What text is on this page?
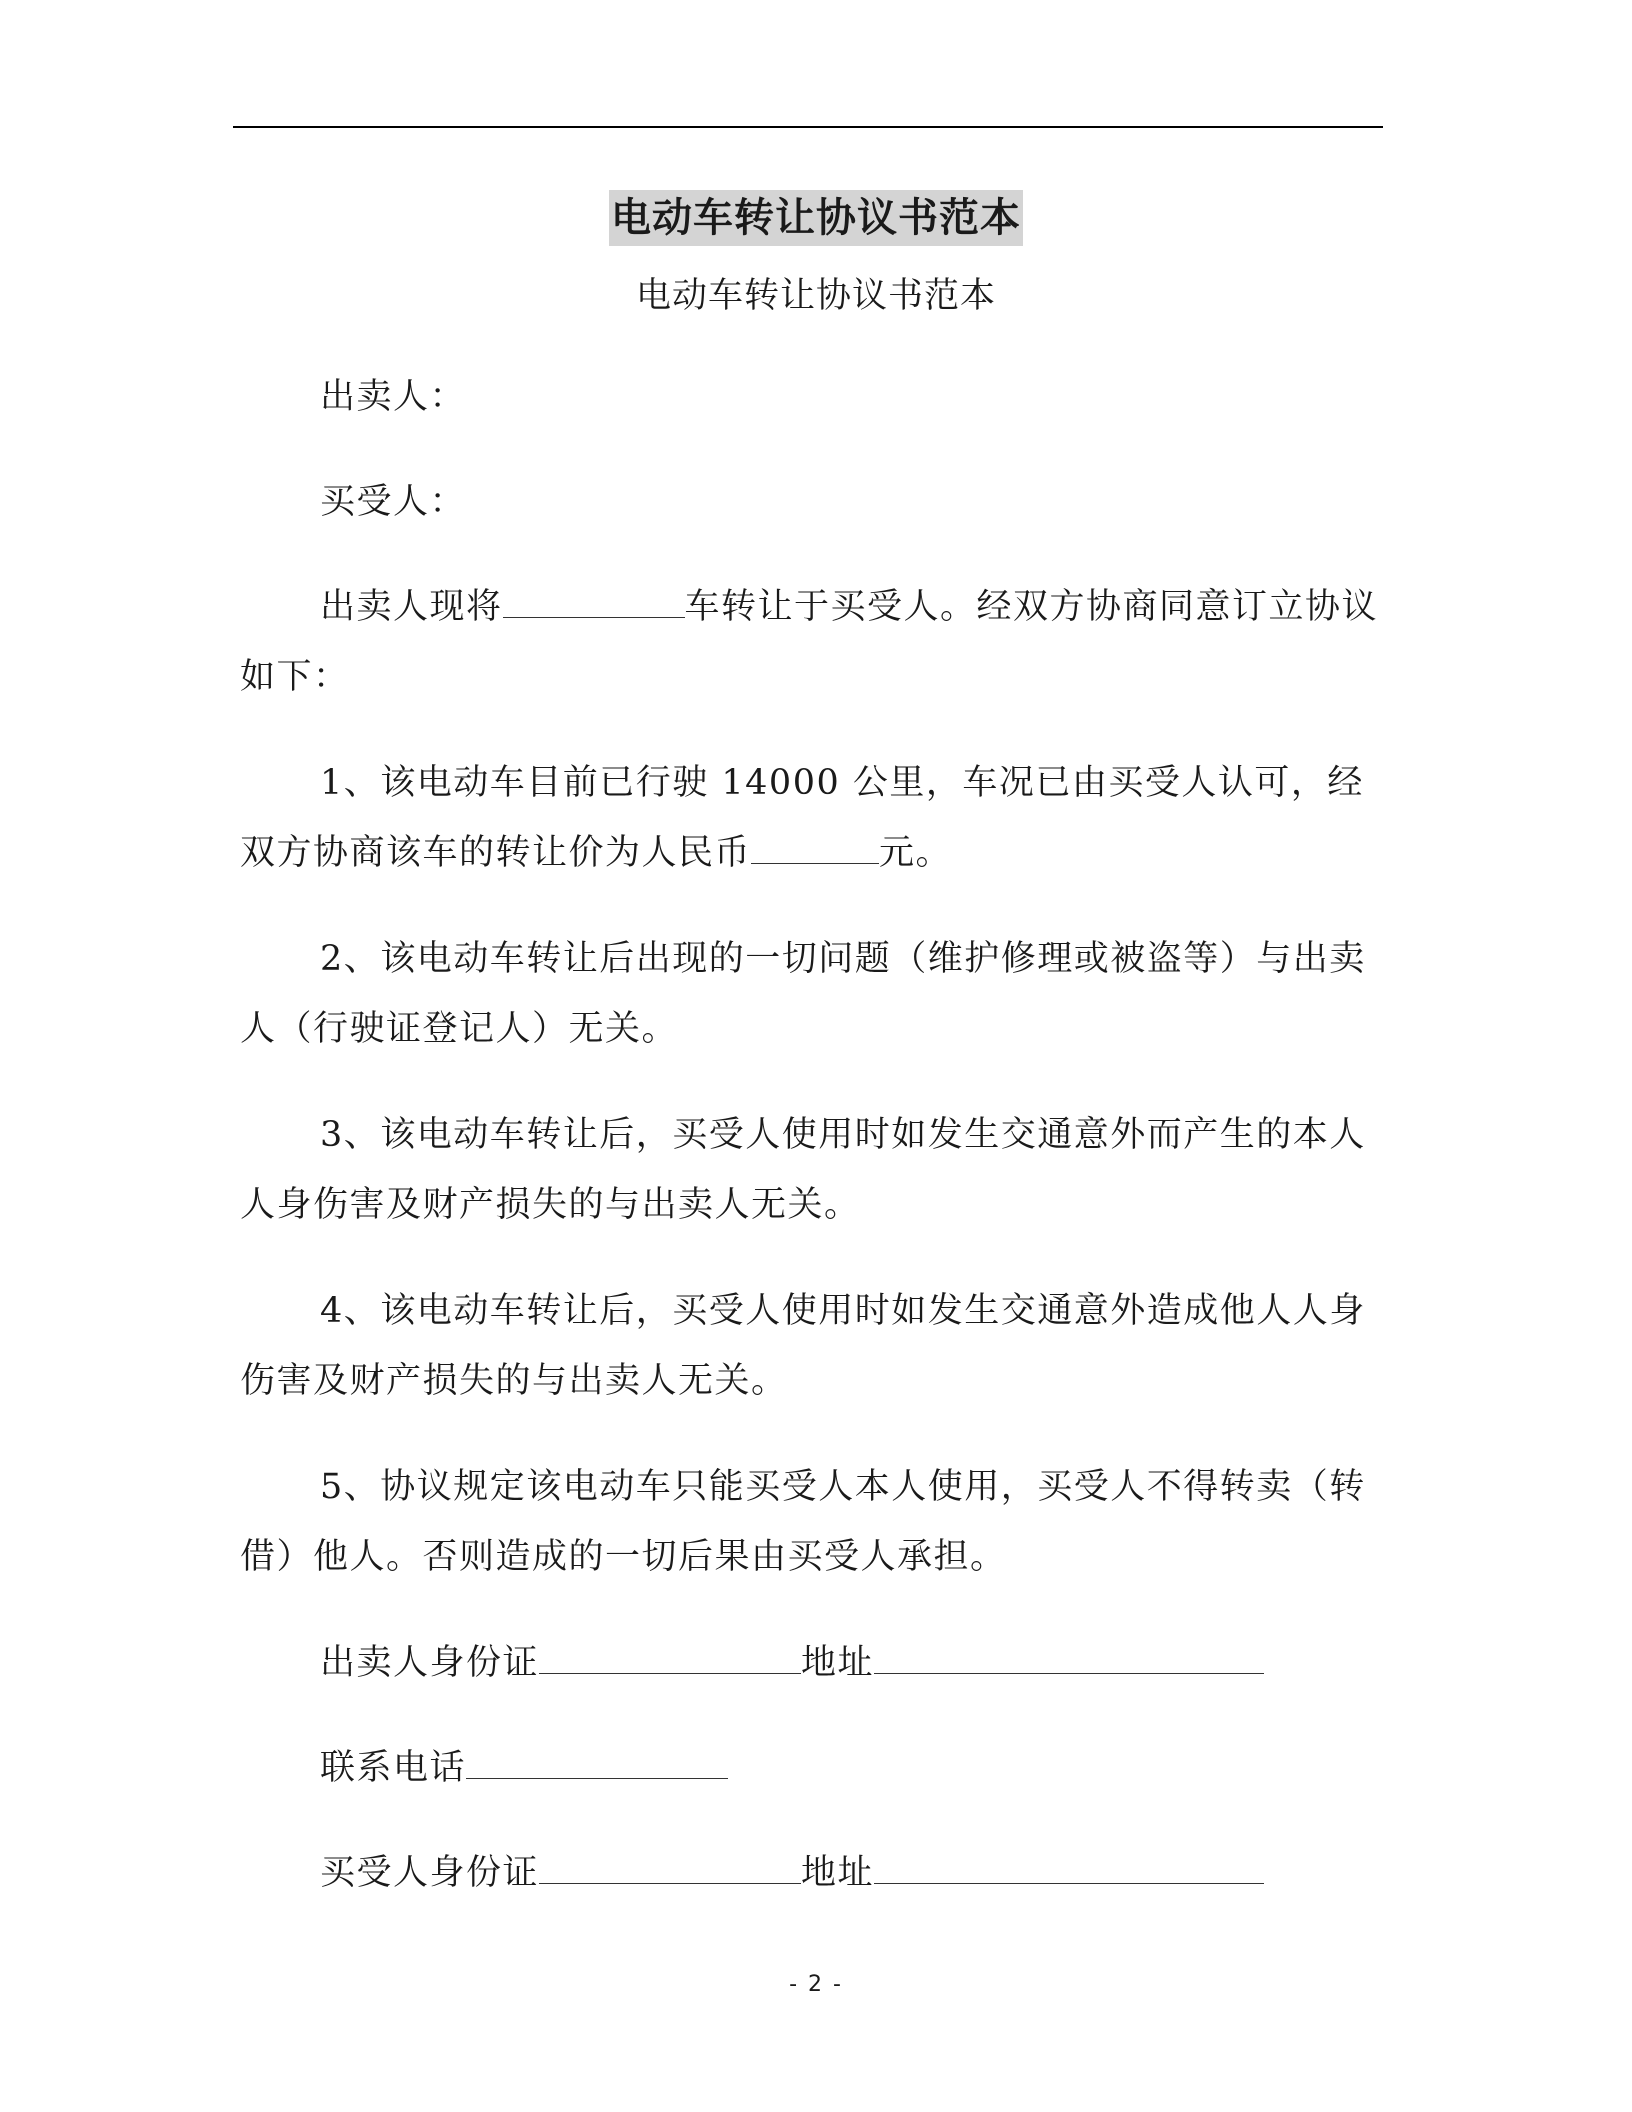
电动车转让协议书范本
电动车转让协议书范本

出卖人：

买受人：

出卖人现将	车转让于买受人。经双方协商同意订立协议如下：

1、该电动车目前已行驶 14000 公里，车况已由买受人认可，经双方协商该车的转让价为人民币	元。

2、该电动车转让后出现的一切问题（维护修理或被盗等）与出卖人（行驶证登记人）无关。

3、该电动车转让后，买受人使用时如发生交通意外而产生的本人人身伤害及财产损失的与出卖人无关。

4、该电动车转让后，买受人使用时如发生交通意外造成他人人身伤害及财产损失的与出卖人无关。

5、协议规定该电动车只能买受人本人使用，买受人不得转卖（转借）他人。否则造成的一切后果由买受人承担。

出卖人身份证	地址

联系电话

买受人身份证	地址

- 2 -
